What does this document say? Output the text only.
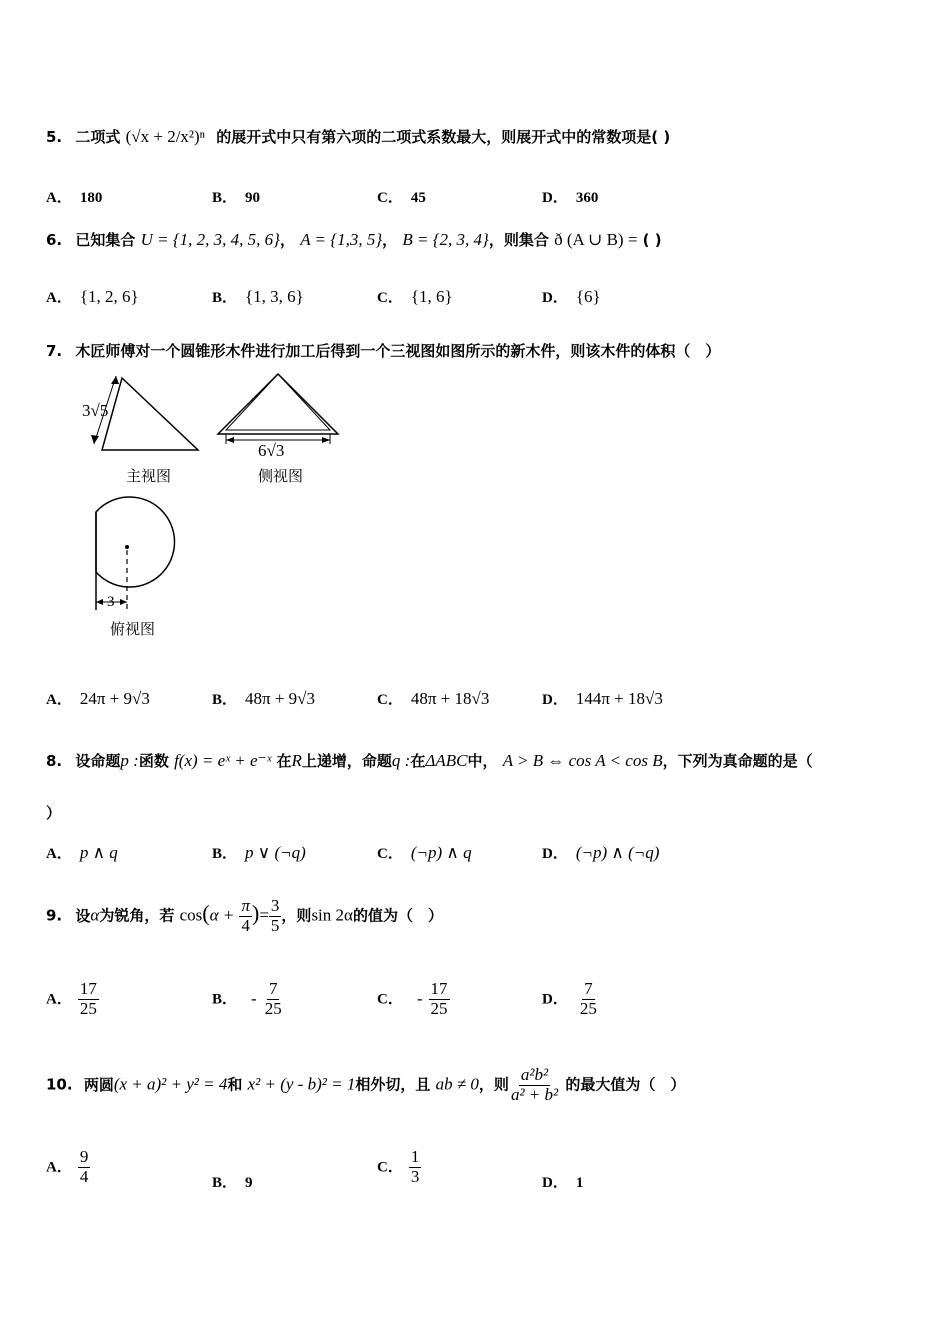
5. 二项式 (√x + 2/x²)ⁿ 的展开式中只有第六项的二项式系数最大，则展开式中的常数项是( )
A． 180	B． 90	C． 45	D． 360
6. 已知集合 U = {1, 2, 3, 4, 5, 6}， A = {1,3, 5}， B = {2, 3, 4}，则集合 ð (A ∪ B) = ( )
A． {1, 2, 6}	B． {1, 3, 6}	C． {1, 6}	D． {6}
7. 木匠师傅对一个圆锥形木件进行加工后得到一个三视图如图所示的新木件，则该木件的体积（　）
3√5
主视图
6√3
侧视图
3
俯视图
A． 24π + 9√3	B． 48π + 9√3	C． 48π + 18√3	D． 144π + 18√3
8. 设命题p :函数 f(x) = eˣ + e⁻ˣ 在R上递增，命题q :在ΔABC中， A > B ⇔ cos A < cos B，下列为真命题的是（
）
A． p ∧ q	B． p ∨ (¬q)	C． (¬p) ∧ q	D． (¬p) ∧ (¬q)
9. 设α为锐角，若 $\cos(\alpha + \frac{\pi}{4}$ )= $\frac{3}{5}$ ，则sin 2α的值为（　）
A． $\frac{17}{25}$	B． - $\frac{7}{25}$	C． - $\frac{17}{25}$	D． $\frac{7}{25}$
10. 两圆(x + a)² + y² = 4和 x² + (y - b)² = 1相外切，且 ab ≠ 0，则 $\frac{\text{a²b²}}{\text{a² + b²}}$ 的最大值为（　）
A． $\frac{9}{4}$	B． 9
C． $\frac{1}{3}$	D． 1
